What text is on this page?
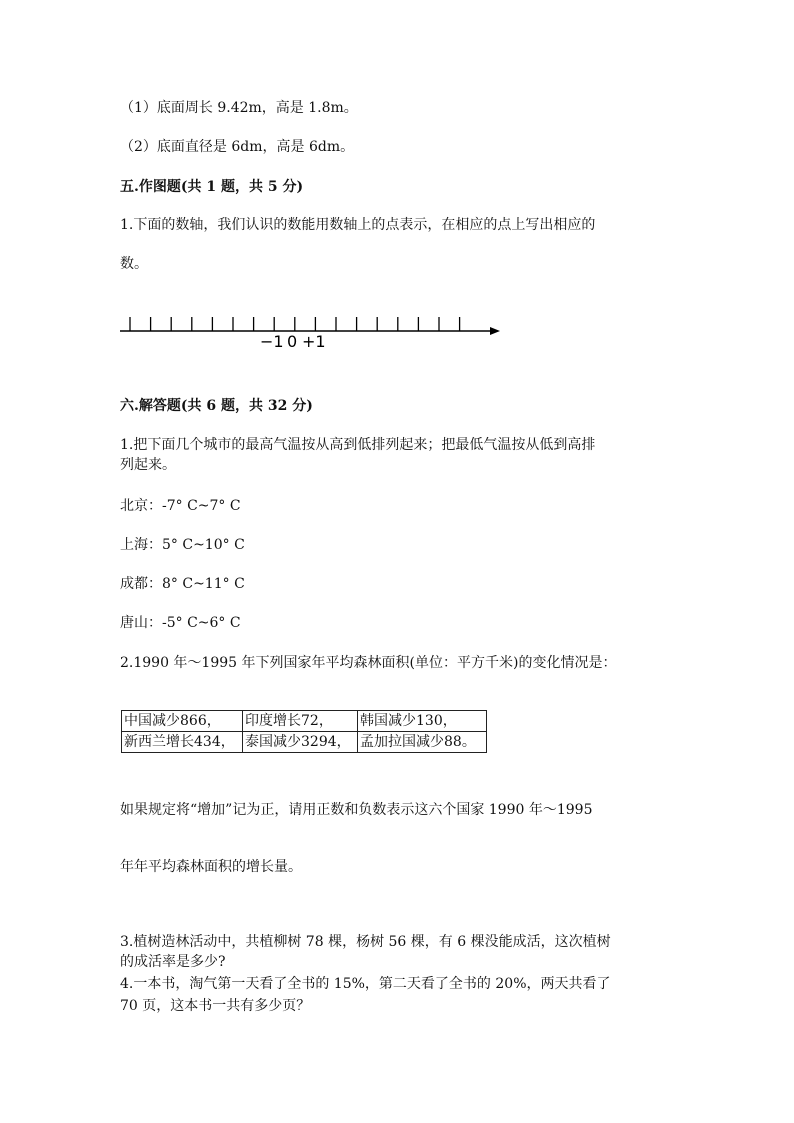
（1）底面周长 9.42m，高是 1.8m。
（2）底面直径是 6dm，高是 6dm。
五.作图题(共 1 题，共 5 分)
1.下面的数轴，我们认识的数能用数轴上的点表示，在相应的点上写出相应的
数。
−1 0 +1
六.解答题(共 6 题，共 32 分)
1.把下面几个城市的最高气温按从高到低排列起来；把最低气温按从低到高排
列起来。
北京：-7° C~7° C
上海：5° C~10° C
成都：8° C~11° C
唐山：-5° C~6° C
2.1990 年～1995 年下列国家年平均森林面积(单位：平方千米)的变化情况是：
中国减少866，	印度增长72，	韩国减少130，
新西兰增长434，	泰国减少3294，	孟加拉国减少88。
如果规定将“增加”记为正，请用正数和负数表示这六个国家 1990 年～1995
年年平均森林面积的增长量。
3.植树造林活动中，共植柳树 78 棵，杨树 56 棵，有 6 棵没能成活，这次植树
的成活率是多少?
4.一本书，淘气第一天看了全书的 15%，第二天看了全书的 20%，两天共看了
70 页，这本书一共有多少页？
